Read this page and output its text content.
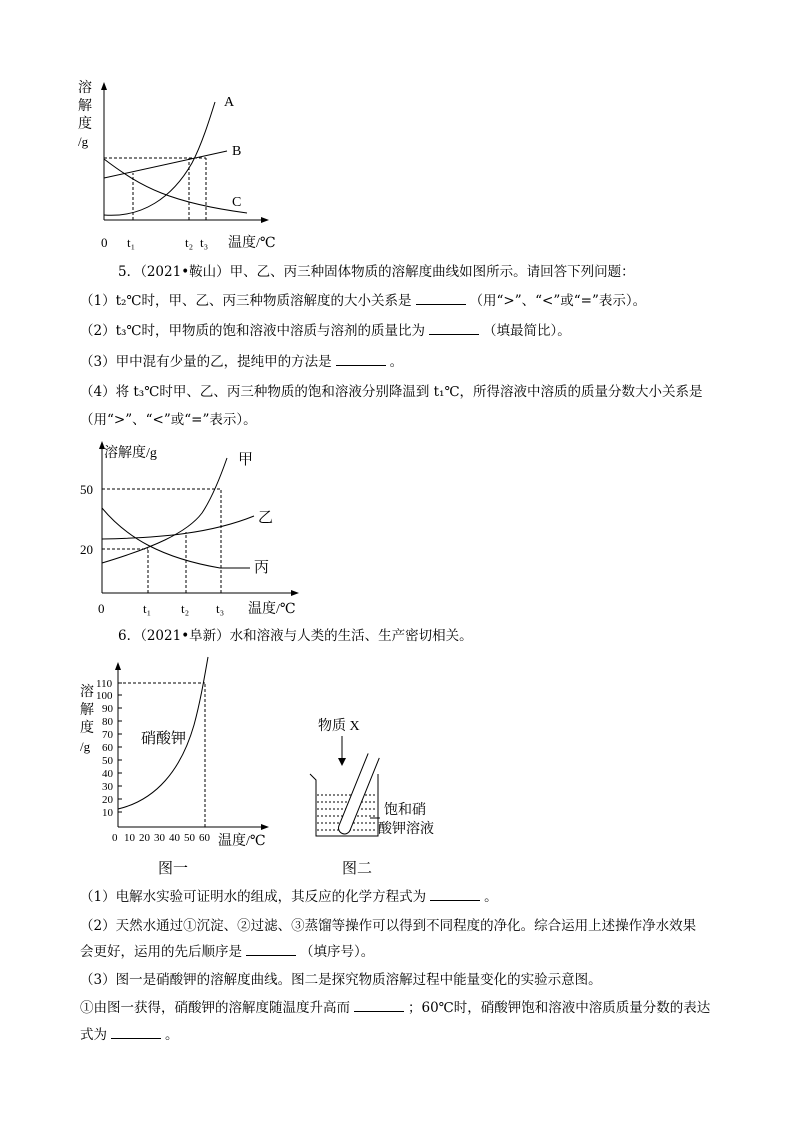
溶
解
度
/g
A
B
C
0 t₁	t₂ t₃ 温度/℃
5．（2021•鞍山）甲、乙、丙三种固体物质的溶解度曲线如图所示。请回答下列问题：
（1）t₂℃时，甲、乙、丙三种物质溶解度的大小关系是	（用“>”、“<”或“=”表示）。
（2）t₃℃时，甲物质的饱和溶液中溶质与溶剂的质量比为	（填最简比）。
（3）甲中混有少量的乙，提纯甲的方法是	。
（4）将 t₃℃时甲、乙、丙三种物质的饱和溶液分别降温到 t₁℃，所得溶液中溶质的质量分数大小关系是
（用“>”、“<”或“=”表示）。
溶解度/g	甲
乙
丙
50
20
0	t₁ t₂ t₃ 温度/℃
6．（2021•阜新）水和溶液与人类的生活、生产密切相关。
溶
解
度
/g
110
100
90
80
70
60
50
40
30
20
10
硝酸钾
0 10 20 30 40 50 60 温度/℃
图一
物质 X
饱和硝
酸钾溶液
图二
（1）电解水实验可证明水的组成，其反应的化学方程式为	。
（2）天然水通过①沉淀、②过滤、③蒸馏等操作可以得到不同程度的净化。综合运用上述操作净水效果
会更好，运用的先后顺序是	（填序号）。
（3）图一是硝酸钾的溶解度曲线。图二是探究物质溶解过程中能量变化的实验示意图。
①由图一获得，硝酸钾的溶解度随温度升高而	；60℃时，硝酸钾饱和溶液中溶质质量分数的表达
式为	。
